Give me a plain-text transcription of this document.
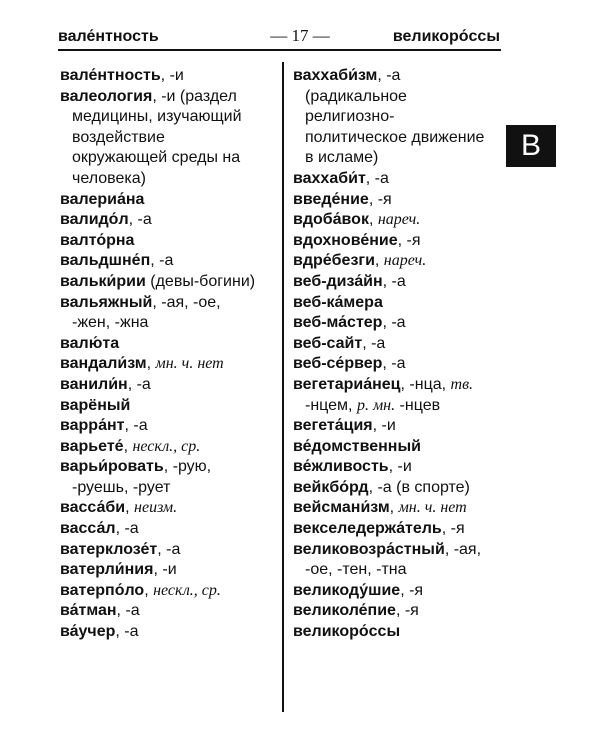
вале́нтность	— 17 —	великоро́ссы
В
вале́нтность, -и
валеология, -и (раздел
медицины, изучающий
воздействие
окружающей среды на
человека)
валериа́на
валидо́л, -а
валто́рна
вальдшне́п, -а
вальки́рии (девы-богини)
вальяжный, -ая, -ое,
-жен, -жна
валю́та
вандали́зм, мн. ч. нет
ванили́н, -а
варёный
варра́нт, -а
варьете́, нескл., ср.
варьи́ровать, -рую,
-руешь, -рует
васса́би, неизм.
васса́л, -а
ватерклозе́т, -а
ватерли́ния, -и
ватерпо́ло, нескл., ср.
ва́тман, -а
ва́учер, -а
ваххаби́зм, -а
(радикальное
религиозно-
политическое движение
в исламе)
ваххаби́т, -а
введе́ние, -я
вдоба́вок, нареч.
вдохнове́ние, -я
вдре́безги, нареч.
веб-диза́йн, -а
веб-ка́мера
веб-ма́стер, -а
веб-сайт, -а
веб-се́рвер, -а
вегетариа́нец, -нца, тв.
-нцем, р. мн. -нцев
вегета́ция, -и
ве́домственный
ве́жливость, -и
вейкбо́рд, -а (в спорте)
вейсмани́зм, мн. ч. нет
векселедержа́тель, -я
великовозра́стный, -ая,
-ое, -тен, -тна
великоду́шие, -я
великоле́пие, -я
великоро́ссы
